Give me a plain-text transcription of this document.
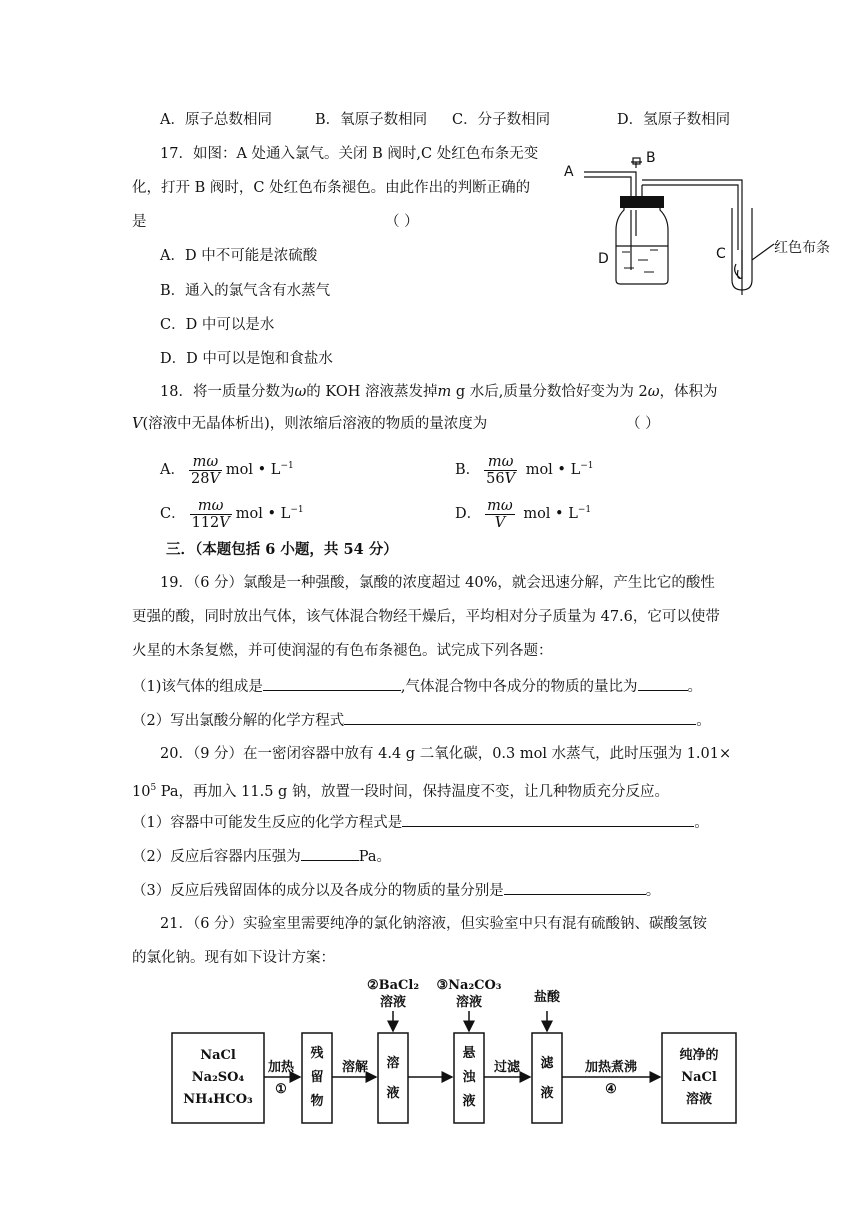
A．原子总数相同	B．氧原子数相同 C．分子数相同	D．氢原子数相同
17．如图：A 处通入氯气。关闭 B 阀时,C 处红色布条无变
化，打开 B 阀时，C 处红色布条褪色。由此作出的判断正确的
是	（ ）
A．D 中不可能是浓硫酸
B．通入的氯气含有水蒸气
C．D 中可以是水
D．D 中可以是饱和食盐水
A
B
D	C	红色布条
18．将一质量分数为ω的 KOH 溶液蒸发掉m g 水后,质量分数恰好变为为 2ω，体积为
V(溶液中无晶体析出)，则浓缩后溶液的物质的量浓度为	（ ）
A． $\frac{m\omega}{28V}$ mol • $L^{-1}$	B． $\frac{m\omega}{56V}$ mol • $L^{-1}$
C． $\frac{m\omega}{112V}$ mol • $L^{-1}$	D． $\frac{m\omega}{V}$ mol • $L^{-1}$
三．（本题包括 6 小题，共 54 分）
19．（6 分）氯酸是一种强酸，氯酸的浓度超过 40%，就会迅速分解，产生比它的酸性
更强的酸，同时放出气体，该气体混合物经干燥后，平均相对分子质量为 47.6，它可以使带
火星的木条复燃，并可使润湿的有色布条褪色。试完成下列各题：
（1)该气体的组成是	,气体混合物中各成分的物质的量比为	。
（2）写出氯酸分解的化学方程式	。
20．（9 分）在一密闭容器中放有 4.4 g 二氧化碳，0.3 mol 水蒸气，此时压强为 1.01×
$10^5$ Pa，再加入 11.5 g 钠，放置一段时间，保持温度不变，让几种物质充分反应。
（1）容器中可能发生反应的化学方程式是	。
（2）反应后容器内压强为	Pa。
（3）反应后残留固体的成分以及各成分的物质的量分别是	。
21．（6 分）实验室里需要纯净的氯化钠溶液，但实验室中只有混有硫酸钠、碳酸氢铵
的氯化钠。现有如下设计方案：
NaCl
Na₂SO₄
NH₄HCO₃
加热
①
残
留
物
溶解 溶
液
②BaCl₂
溶液
悬
浊
液
③Na₂CO₃
溶液
过滤 滤
液
盐酸
加热煮沸
④
纯净的
NaCl
溶液
